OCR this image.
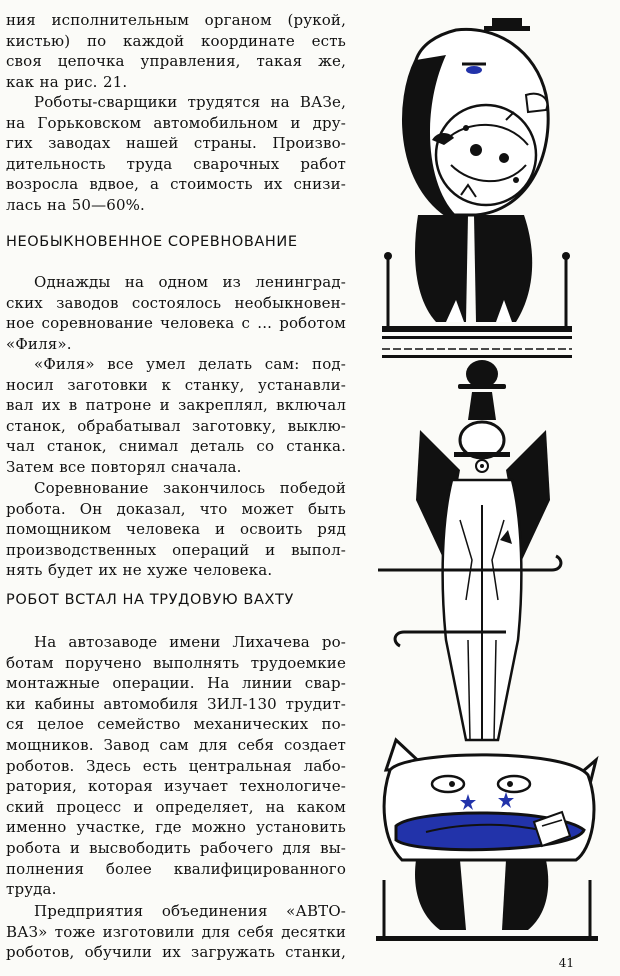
ния исполнительным органом (рукой,
кистью) по каждой координате есть
своя цепочка управления, такая же,
как на рис. 21.

Роботы-сварщики трудятся на ВАЗе,
на Горьковском автомобильном и дру-
гих заводах нашей страны. Произво-
дительность труда сварочных работ
возросла вдвое, а стоимость их снизи-
лась на 50—60%.

НЕОБЫКНОВЕННОЕ СОРЕВНОВАНИЕ

Однажды на одном из ленинград-
ских заводов состоялось необыкновен-
ное соревнование человека с ... роботом
«Филя».

«Филя» все умел делать сам: под-
носил заготовки к станку, устанавли-
вал их в патроне и закреплял, включал
станок, обрабатывал заготовку, выклю-
чал станок, снимал деталь со станка.
Затем все повторял сначала.

Соревнование закончилось победой
робота. Он доказал, что может быть
помощником человека и освоить ряд
производственных операций и выпол-
нять будет их не хуже человека.

РОБОТ ВСТАЛ НА ТРУДОВУЮ ВАХТУ

На автозаводе имени Лихачева ро-
ботам поручено выполнять трудоемкие
монтажные операции. На линии свар-
ки кабины автомобиля ЗИЛ-130 трудит-
ся целое семейство механических по-
мощников. Завод сам для себя создает
роботов. Здесь есть центральная лабо-
ратория, которая изучает технологиче-
ский процесс и определяет, на каком
именно участке, где можно установить
робота и высвободить рабочего для вы-
полнения более квалифицированного
труда.

Предприятия объединения «АВТО-
ВАЗ» тоже изготовили для себя десятки
роботов, обучили их загружать станки,

41
